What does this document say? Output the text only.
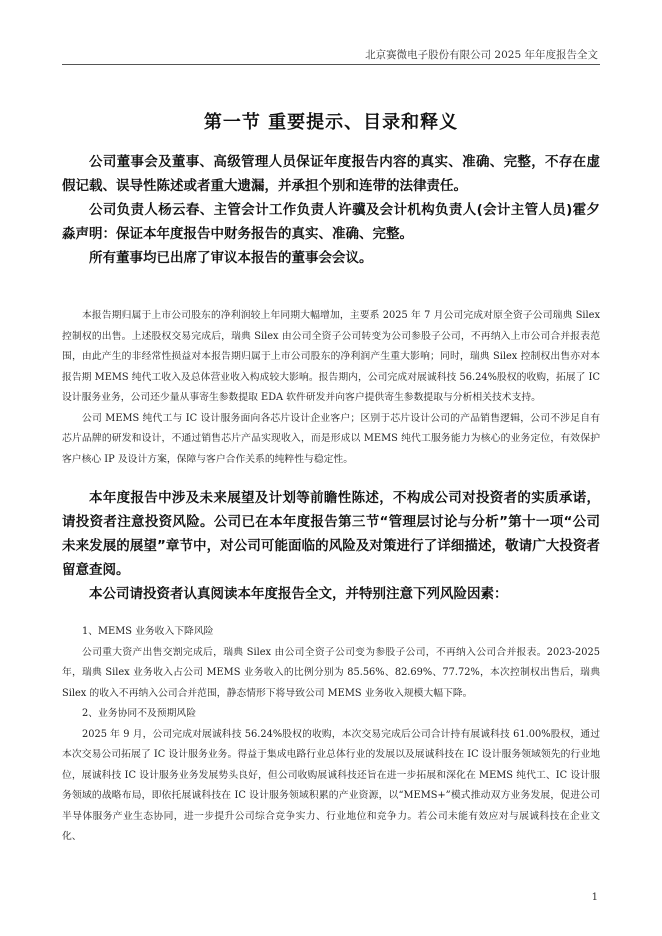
北京赛微电子股份有限公司 2025 年年度报告全文
第一节 重要提示、目录和释义

公司董事会及董事、高级管理人员保证年度报告内容的真实、准确、完整，不存在虚假记载、误导性陈述或者重大遗漏，并承担个别和连带的法律责任。

公司负责人杨云春、主管会计工作负责人许骥及会计机构负责人(会计主管人员)霍夕淼声明：保证本年度报告中财务报告的真实、准确、完整。

所有董事均已出席了审议本报告的董事会会议。

本报告期归属于上市公司股东的净利润较上年同期大幅增加，主要系 2025 年 7 月公司完成对原全资子公司瑞典 Silex 控制权的出售。上述股权交易完成后，瑞典 Silex 由公司全资子公司转变为公司参股子公司，不再纳入上市公司合并报表范围，由此产生的非经常性损益对本报告期归属于上市公司股东的净利润产生重大影响；同时，瑞典 Silex 控制权出售亦对本报告期 MEMS 纯代工收入及总体营业收入构成较大影响。报告期内，公司完成对展诚科技 56.24%股权的收购，拓展了 IC 设计服务业务，公司还少量从事寄生参数提取 EDA 软件研发并向客户提供寄生参数提取与分析相关技术支持。

公司 MEMS 纯代工与 IC 设计服务面向各芯片设计企业客户；区别于芯片设计公司的产品销售逻辑，公司不涉足自有芯片品牌的研发和设计，不通过销售芯片产品实现收入，而是形成以 MEMS 纯代工服务能力为核心的业务定位，有效保护客户核心 IP 及设计方案，保障与客户合作关系的纯粹性与稳定性。

本年度报告中涉及未来展望及计划等前瞻性陈述，不构成公司对投资者的实质承诺，请投资者注意投资风险。公司已在本年度报告第三节“管理层讨论与分析”第十一项“公司未来发展的展望”章节中，对公司可能面临的风险及对策进行了详细描述，敬请广大投资者留意查阅。

本公司请投资者认真阅读本年度报告全文，并特别注意下列风险因素：

1、MEMS 业务收入下降风险

公司重大资产出售交割完成后，瑞典 Silex 由公司全资子公司变为参股子公司，不再纳入公司合并报表。2023-2025 年，瑞典 Silex 业务收入占公司 MEMS 业务收入的比例分别为 85.56%、82.69%、77.72%，本次控制权出售后，瑞典 Silex 的收入不再纳入公司合并范围，静态情形下将导致公司 MEMS 业务收入规模大幅下降。

2、业务协同不及预期风险

2025 年 9 月，公司完成对展诚科技 56.24%股权的收购，本次交易完成后公司合计持有展诚科技 61.00%股权，通过本次交易公司拓展了 IC 设计服务业务。得益于集成电路行业总体行业的发展以及展诚科技在 IC 设计服务领域领先的行业地位，展诚科技 IC 设计服务业务发展势头良好，但公司收购展诚科技还旨在进一步拓展和深化在 MEMS 纯代工、IC 设计服务领域的战略布局，即依托展诚科技在 IC 设计服务领域积累的产业资源，以“MEMS+”模式推动双方业务发展，促进公司半导体服务产业生态协同，进一步提升公司综合竞争实力、行业地位和竞争力。若公司未能有效应对与展诚科技在企业文化、

1
